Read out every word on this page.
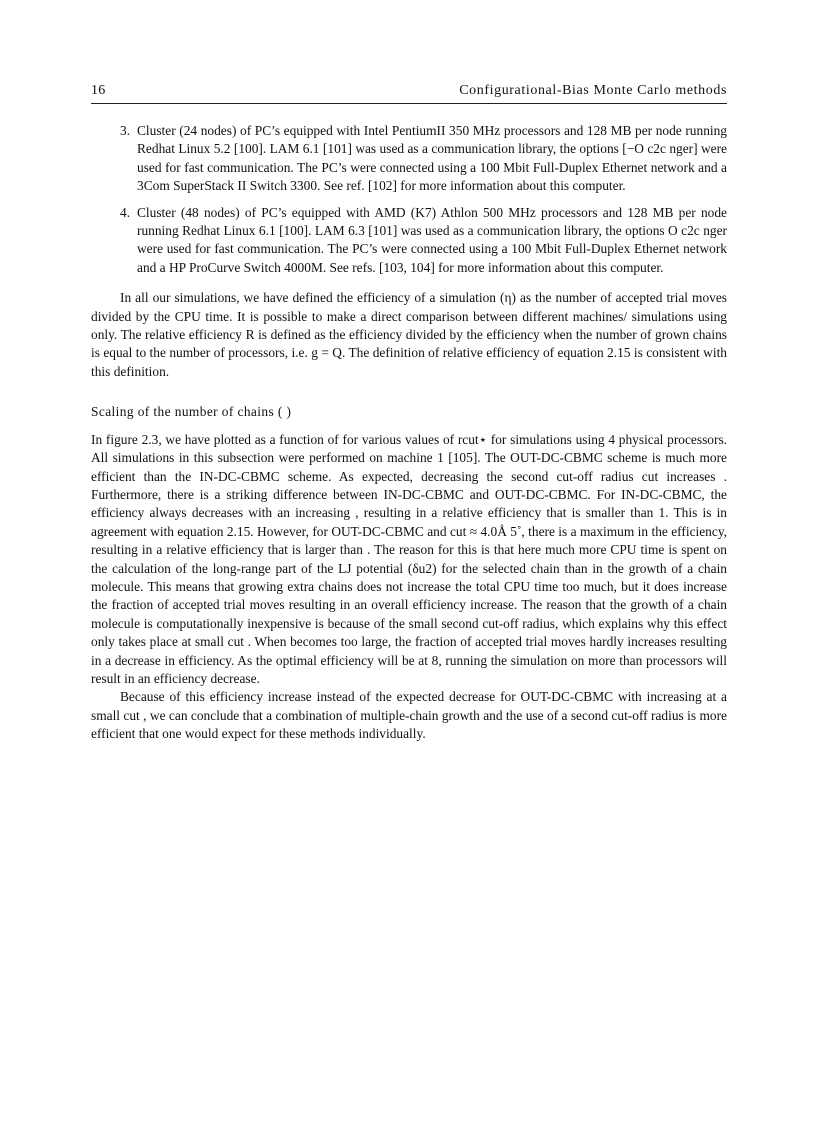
16	Configurational-Bias Monte Carlo methods
3. Cluster (24 nodes) of PC’s equipped with Intel PentiumII 350 MHz processors and 128 MB per node running Redhat Linux 5.2 [100]. LAM 6.1 [101] was used as a communication library, the options [−O c2c nger] were used for fast communication. The PC’s were connected using a 100 Mbit Full-Duplex Ethernet network and a 3Com SuperStack II Switch 3300. See ref. [102] for more information about this computer.
4. Cluster (48 nodes) of PC’s equipped with AMD (K7) Athlon 500 MHz processors and 128 MB per node running Redhat Linux 6.1 [100]. LAM 6.3 [101] was used as a communication library, the options O c2c nger were used for fast communication. The PC’s were connected using a 100 Mbit Full-Duplex Ethernet network and a HP ProCurve Switch 4000M. See refs. [103, 104] for more information about this computer.

In all our simulations, we have defined the efficiency of a simulation (η) as the number of accepted trial moves divided by the CPU time. It is possible to make a direct comparison between different machines/ simulations using only. The relative efficiency R is defined as the efficiency divided by the efficiency when the number of grown chains is equal to the number of processors, i.e. g = Q. The definition of relative efficiency of equation 2.15 is consistent with this definition.

Scaling of the number of chains ( )

In figure 2.3, we have plotted as a function of for various values of rcut⋆ for simulations using 4 physical processors. All simulations in this subsection were performed on machine 1 [105]. The OUT-DC-CBMC scheme is much more efficient than the IN-DC-CBMC scheme. As expected, decreasing the second cut-off radius cut increases . Furthermore, there is a striking difference between IN-DC-CBMC and OUT-DC-CBMC. For IN-DC-CBMC, the efficiency always decreases with an increasing , resulting in a relative efficiency that is smaller than 1. This is in agreement with equation 2.15. However, for OUT-DC-CBMC and cut ≈ 4.0Å 5˚, there is a maximum in the efficiency, resulting in a relative efficiency that is larger than . The reason for this is that here much more CPU time is spent on the calculation of the long-range part of the LJ potential (δu2) for the selected chain than in the growth of a chain molecule. This means that growing extra chains does not increase the total CPU time too much, but it does increase the fraction of accepted trial moves resulting in an overall efficiency increase. The reason that the growth of a chain molecule is computationally inexpensive is because of the small second cut-off radius, which explains why this effect only takes place at small cut . When becomes too large, the fraction of accepted trial moves hardly increases resulting in a decrease in efficiency. As the optimal efficiency will be at 8, running the simulation on more than processors will result in an efficiency decrease.

Because of this efficiency increase instead of the expected decrease for OUT-DC-CBMC with increasing at a small cut , we can conclude that a combination of multiple-chain growth and the use of a second cut-off radius is more efficient that one would expect for these methods individually.
